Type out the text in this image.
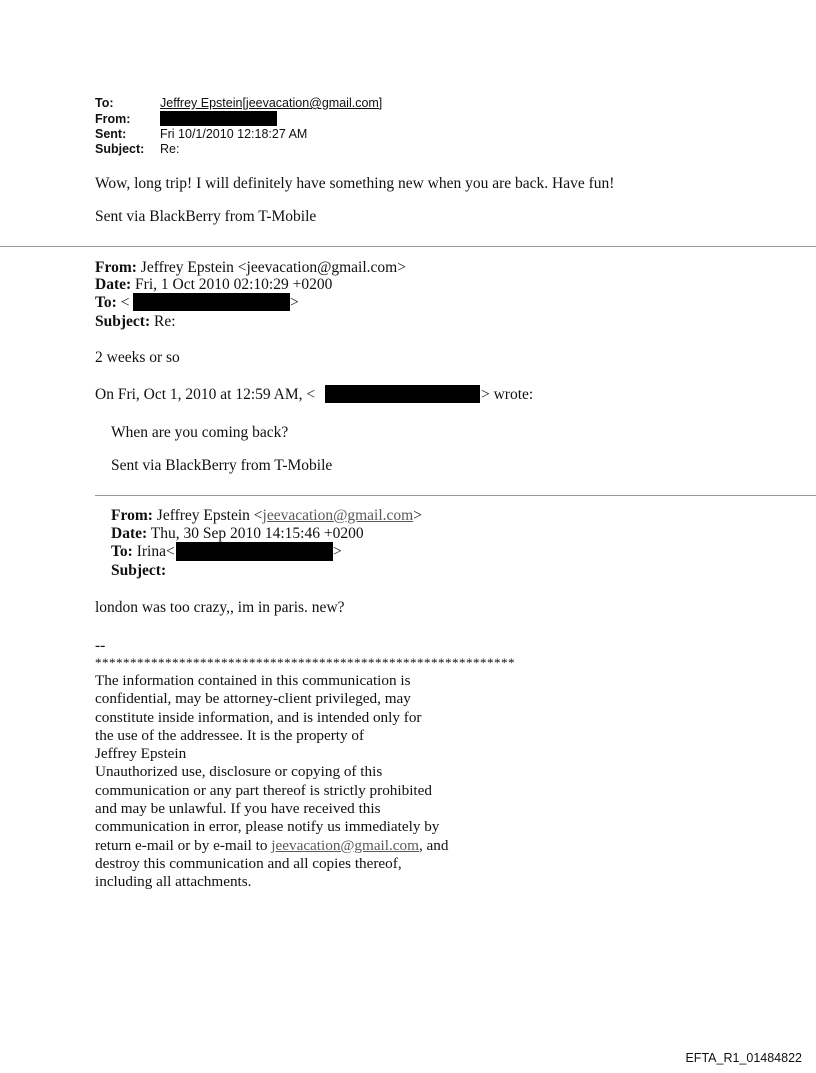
To:	Jeffrey Epstein[jeevacation@gmail.com]
From:
Sent:	Fri 10/1/2010 12:18:27 AM
Subject: Re:
Wow, long trip! I will definitely have something new when you are back. Have fun!
Sent via BlackBerry from T-Mobile
From: Jeffrey Epstein <jeevacation@gmail.com>
Date: Fri, 1 Oct 2010 02:10:29 +0200
To: <	>
Subject: Re:
2 weeks or so
On Fri, Oct 1, 2010 at 12:59 AM, <	> wrote:
When are you coming back?
Sent via BlackBerry from T-Mobile
From: Jeffrey Epstein <jeevacation@gmail.com>
Date: Thu, 30 Sep 2010 14:15:46 +0200
To: Irina<	>
Subject:
london was too crazy,, im in paris. new?
--
************************************************************
The information contained in this communication is
confidential, may be attorney-client privileged, may
constitute inside information, and is intended only for
the use of the addressee. It is the property of
Jeffrey Epstein
Unauthorized use, disclosure or copying of this
communication or any part thereof is strictly prohibited
and may be unlawful. If you have received this
communication in error, please notify us immediately by
return e-mail or by e-mail to jeevacation@gmail.com, and
destroy this communication and all copies thereof,
including all attachments.
EFTA_R1_01484822
